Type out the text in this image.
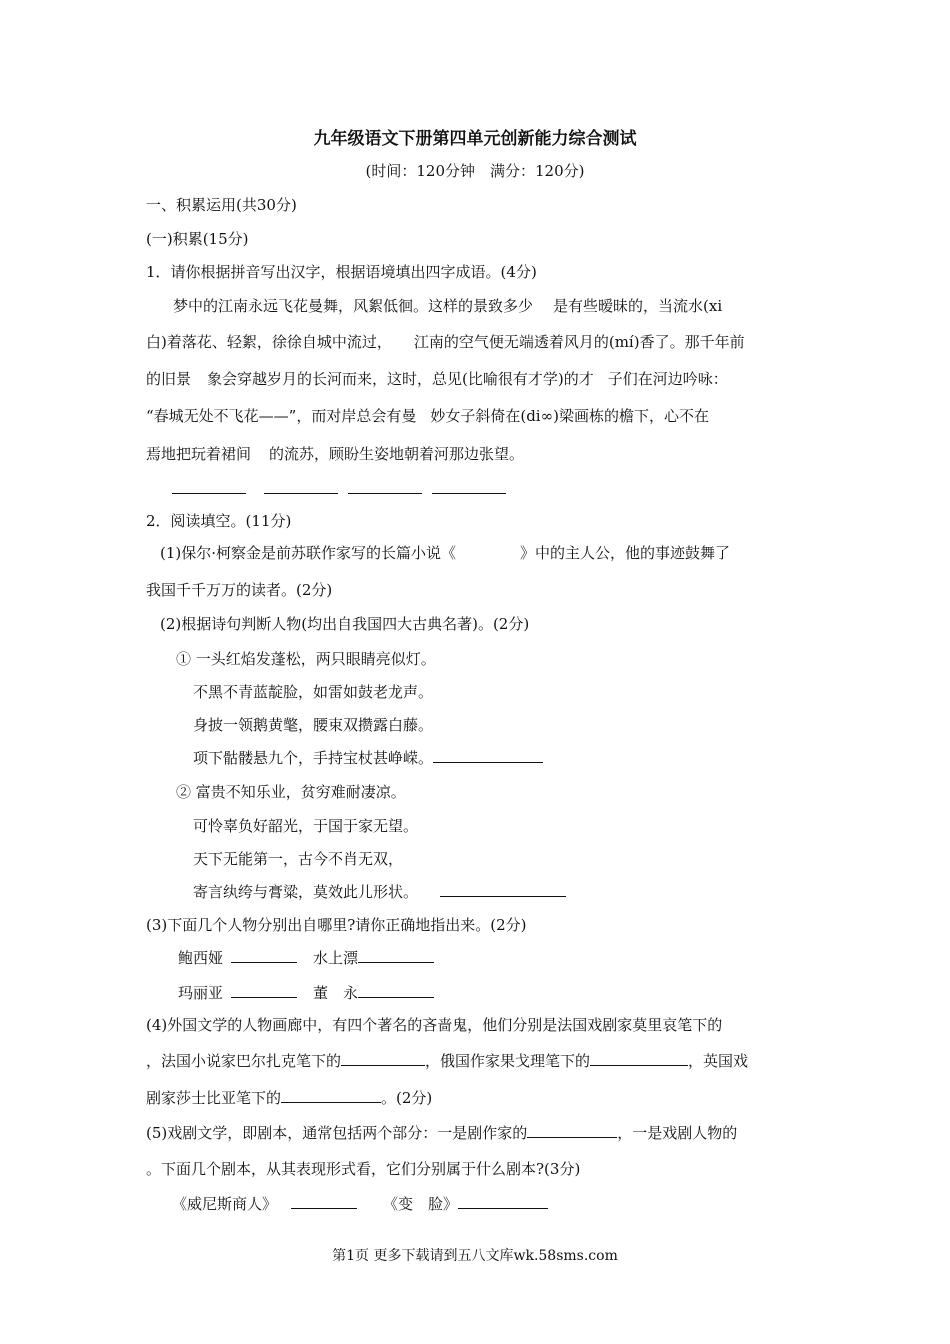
九年级语文下册第四单元创新能力综合测试
(时间：120分钟　满分：120分)
一、积累运用(共30分)
(一)积累(15分)
1．请你根据拼音写出汉字，根据语境填出四字成语。(4分)
梦中的江南永远飞花曼舞，风絮低徊。这样的景致多少 是有些暧昧的，当流水(xi
白)着落花、轻絮，徐徐自城中流过， 江南的空气便无端透着风月的(mí)香了。那千年前
的旧景 象会穿越岁月的长河而来，这时，总见(比喻很有才学)的才 子们在河边吟咏：
“春城无处不飞花——”，而对岸总会有曼 妙女子斜倚在(di∞)梁画栋的檐下，心不在
焉地把玩着裙间 的流苏，顾盼生姿地朝着河那边张望。
2．阅读填空。(11分)
(1)保尔·柯察金是前苏联作家写的长篇小说《	》中的主人公，他的事迹鼓舞了
我国千千万万的读者。(2分)
(2)根据诗句判断人物(均出自我国四大古典名著)。(2分)
① 一头红焰发蓬松，两只眼睛亮似灯。
不黑不青蓝靛脸，如雷如鼓老龙声。
身披一领鹅黄氅，腰束双攒露白藤。
项下骷髅悬九个，手持宝杖甚峥嵘。
② 富贵不知乐业，贫穷难耐凄凉。
可怜辜负好韶光，于国于家无望。
天下无能第一，古今不肖无双，
寄言纨绔与膏粱，莫效此儿形状。
(3)下面几个人物分别出自哪里?请你正确地指出来。(2分)
鲍西娅	水上漂
玛丽亚	董　永
(4)外国文学的人物画廊中，有四个著名的吝啬鬼，他们分别是法国戏剧家莫里哀笔下的
，法国小说家巴尔扎克笔下的	，俄国作家果戈理笔下的	，英国戏
剧家莎士比亚笔下的	。(2分)
(5)戏剧文学，即剧本，通常包括两个部分：一是剧作家的	，一是戏剧人物的
。下面几个剧本，从其表现形式看，它们分别属于什么剧本?(3分)
《威尼斯商人》	《变　脸》
第1页 更多下载请到五八文库wk.58sms.com
